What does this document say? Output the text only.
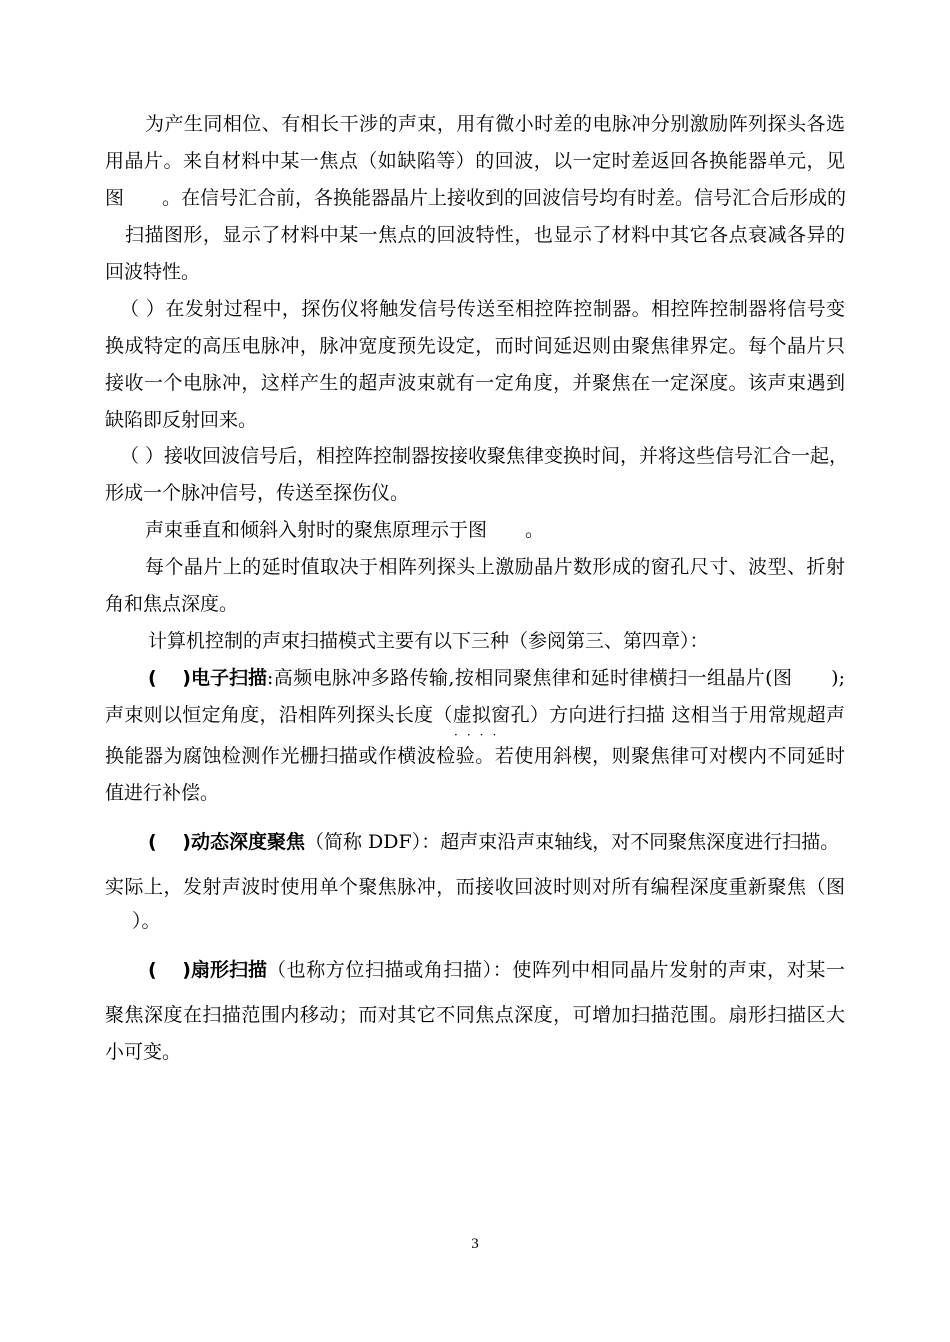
为产生同相位、有相长干涉的声束，用有微小时差的电脉冲分别激励阵列探头各选
用晶片。来自材料中某一焦点（如缺陷等）的回波，以一定时差返回各换能器单元，见
图　　。在信号汇合前，各换能器晶片上接收到的回波信号均有时差。信号汇合后形成的
扫描图形，显示了材料中某一焦点的回波特性，也显示了材料中其它各点衰减各异的
回波特性。
（ ）在发射过程中，探伤仪将触发信号传送至相控阵控制器。相控阵控制器将信号变
换成特定的高压电脉冲，脉冲宽度预先设定，而时间延迟则由聚焦律界定。每个晶片只
接收一个电脉冲，这样产生的超声波束就有一定角度，并聚焦在一定深度。该声束遇到
缺陷即反射回来。
（ ）接收回波信号后，相控阵控制器按接收聚焦律变换时间，并将这些信号汇合一起，
形成一个脉冲信号，传送至探伤仪。
声束垂直和倾斜入射时的聚焦原理示于图　　。
每个晶片上的延时值取决于相阵列探头上激励晶片数形成的窗孔尺寸、波型、折射
角和焦点深度。
计算机控制的声束扫描模式主要有以下三种（参阅第三、第四章）：
(　 ) 电子扫描 :高频电脉冲多路传输,按相同聚焦律和延时律横扫一组晶片(图　　);
声束则以恒定角度，沿相阵列探头长度（虚拟窗孔）方向进行扫描 这相当于用常规超声
····
换能器为腐蚀检测作光栅扫描或作横波检验。若使用斜楔，则聚焦律可对楔内不同延时
值进行补偿。
(　 ) 动态深度聚焦 （简称 DDF）：超声束沿声束轴线，对不同聚焦深度进行扫描。
实际上，发射声波时使用单个聚焦脉冲，而接收回波时则对所有编程深度重新聚焦（图
）。
(　 ) 扇形扫描 （也称方位扫描或角扫描）：使阵列中相同晶片发射的声束，对某一
聚焦深度在扫描范围内移动；而对其它不同焦点深度，可增加扫描范围。扇形扫描区大
小可变。
3
